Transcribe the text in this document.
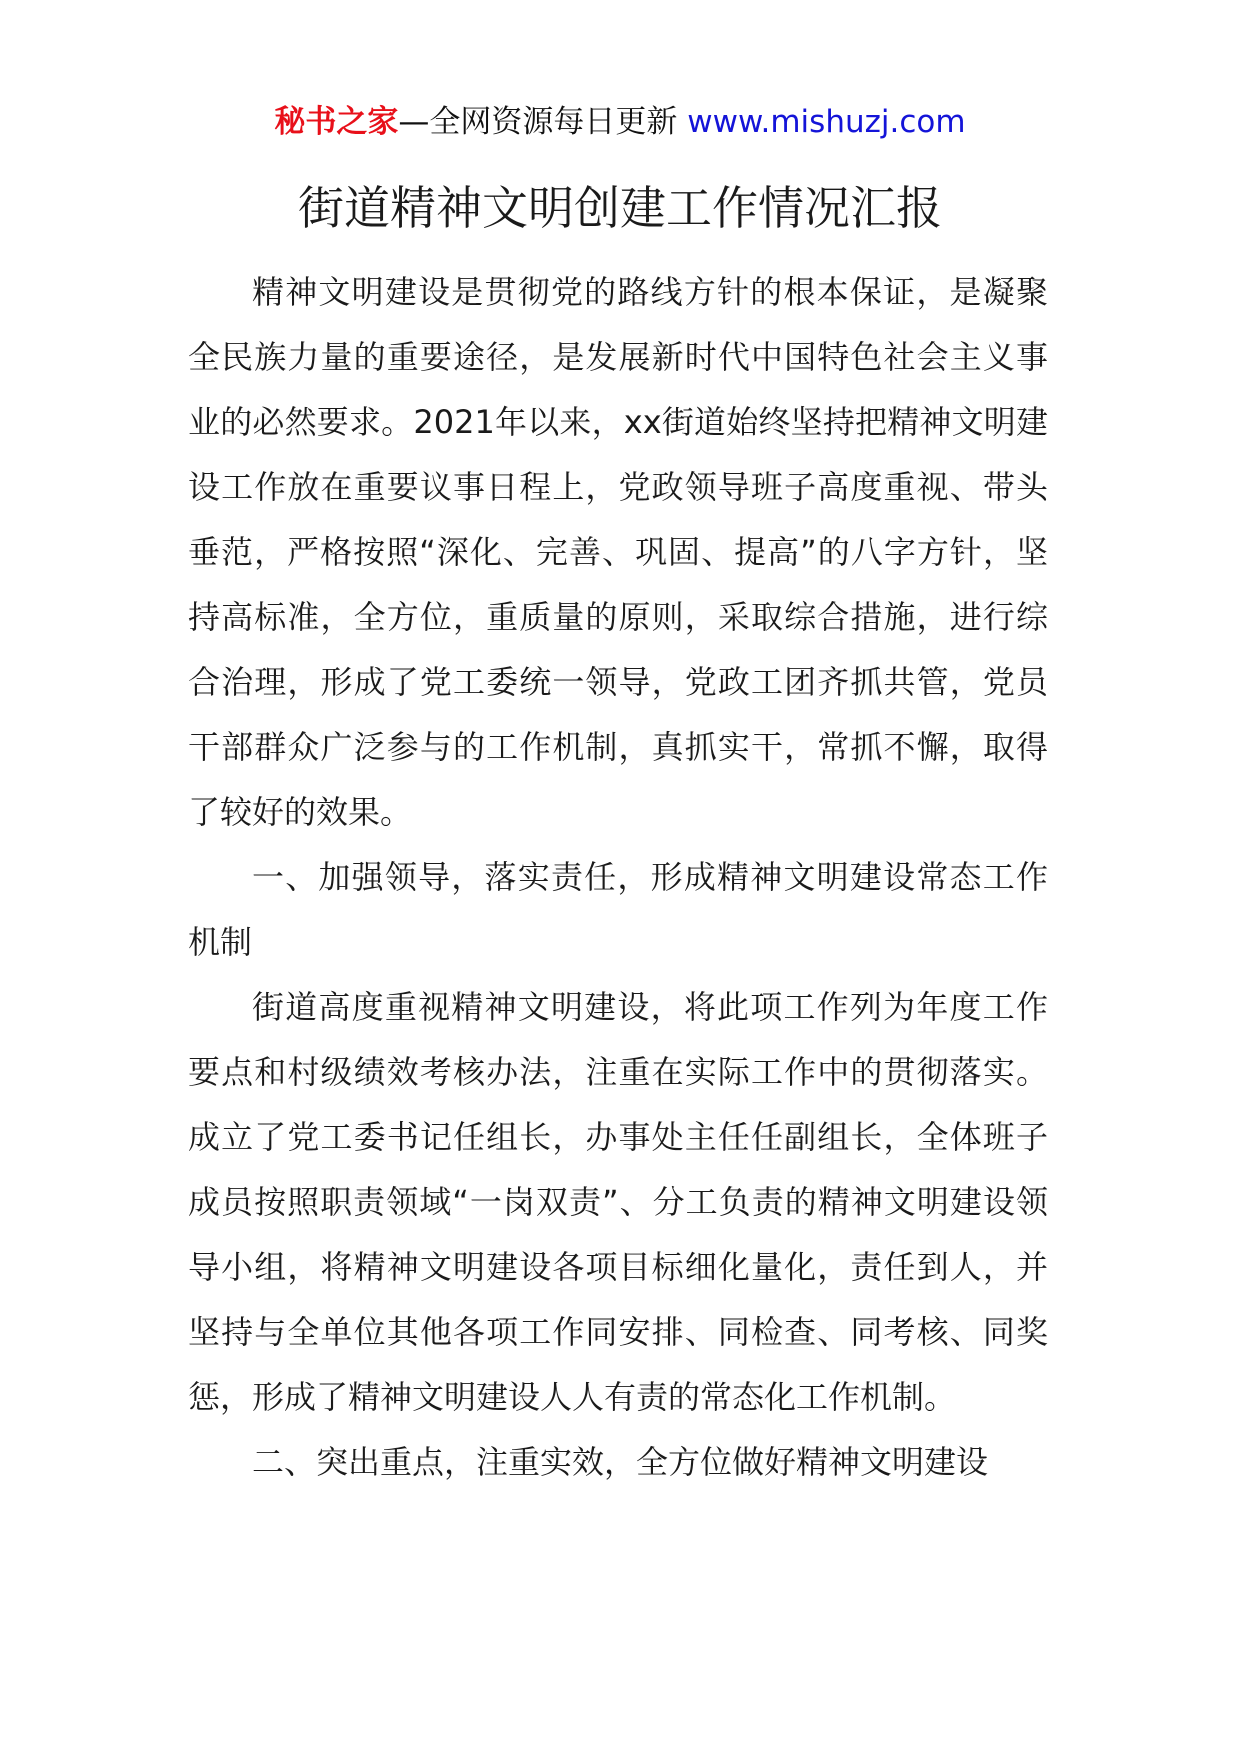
秘书之家—全网资源每日更新 www.mishuzj.com
街道精神文明创建工作情况汇报

精神文明建设是贯彻党的路线方针的根本保证，是凝聚全民族力量的重要途径，是发展新时代中国特色社会主义事业的必然要求。2021年以来，xx街道始终坚持把精神文明建设工作放在重要议事日程上，党政领导班子高度重视、带头垂范，严格按照“深化、完善、巩固、提高”的八字方针，坚持高标准，全方位，重质量的原则，采取综合措施，进行综合治理，形成了党工委统一领导，党政工团齐抓共管，党员干部群众广泛参与的工作机制，真抓实干，常抓不懈，取得了较好的效果。

一、加强领导，落实责任，形成精神文明建设常态工作机制

街道高度重视精神文明建设，将此项工作列为年度工作要点和村级绩效考核办法，注重在实际工作中的贯彻落实。成立了党工委书记任组长，办事处主任任副组长，全体班子成员按照职责领域“一岗双责”、分工负责的精神文明建设领导小组，将精神文明建设各项目标细化量化，责任到人，并坚持与全单位其他各项工作同安排、同检查、同考核、同奖惩，形成了精神文明建设人人有责的常态化工作机制。

二、突出重点，注重实效，全方位做好精神文明建设
